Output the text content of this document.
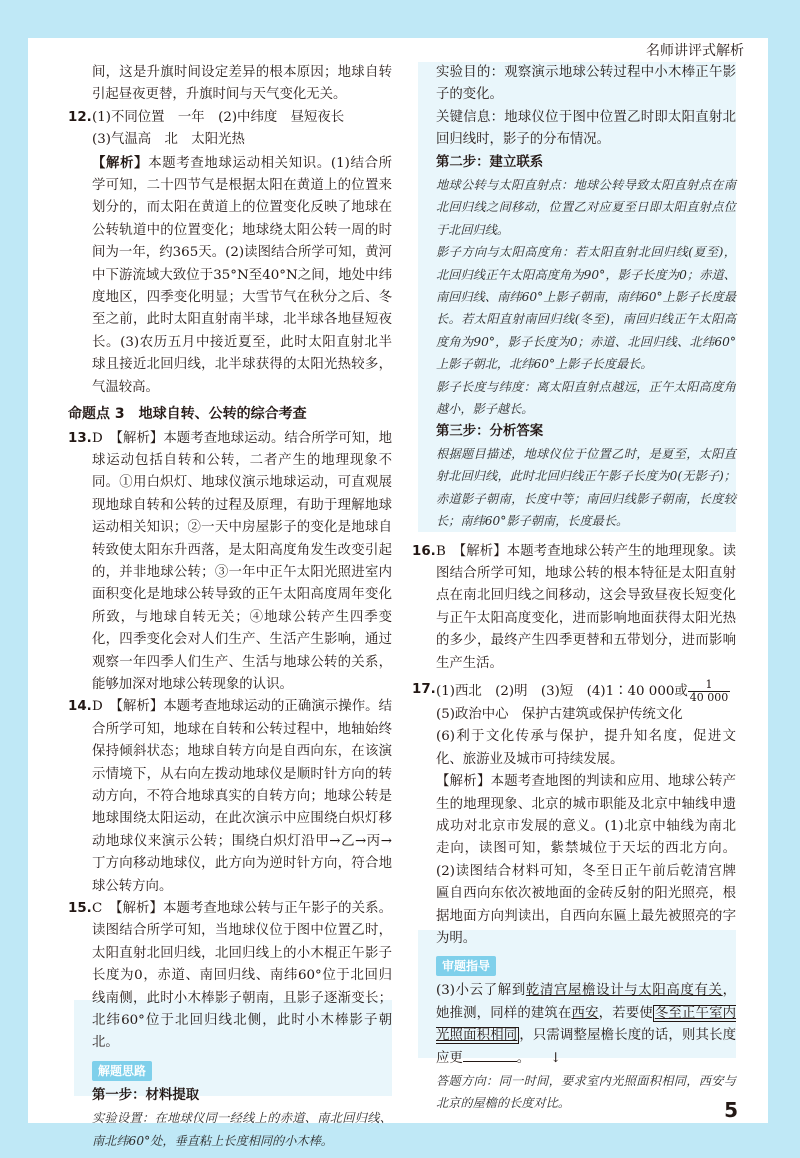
名师讲评式解析

间，这是升旗时间设定差异的根本原因；地球自转引起昼夜更替，升旗时间与天气变化无关。

12. (1)不同位置　一年　(2)中纬度　昼短夜长

(3)气温高　北　太阳光热

【解析】本题考查地球运动相关知识。(1)结合所学可知，二十四节气是根据太阳在黄道上的位置来划分的，而太阳在黄道上的位置变化反映了地球在公转轨道中的位置变化；地球绕太阳公转一周的时间为一年，约365天。(2)读图结合所学可知，黄河中下游流域大致位于35°N至40°N之间，地处中纬度地区，四季变化明显；大雪节气在秋分之后、冬至之前，此时太阳直射南半球，北半球各地昼短夜长。(3)农历五月中接近夏至，此时太阳直射北半球且接近北回归线，北半球获得的太阳光热较多，气温较高。

命题点 3　地球自转、公转的综合考查
13. D　【解析】本题考查地球运动。结合所学可知，地球运动包括自转和公转，二者产生的地理现象不同。①用白炽灯、地球仪演示地球运动，可直观展现地球自转和公转的过程及原理，有助于理解地球运动相关知识；②一天中房屋影子的变化是地球自转致使太阳东升西落，是太阳高度角发生改变引起的，并非地球公转；③一年中正午太阳光照进室内面积变化是地球公转导致的正午太阳高度周年变化所致，与地球自转无关；④地球公转产生四季变化，四季变化会对人们生产、生活产生影响，通过观察一年四季人们生产、生活与地球公转的关系，能够加深对地球公转现象的认识。

14. D　【解析】本题考查地球运动的正确演示操作。结合所学可知，地球在自转和公转过程中，地轴始终保持倾斜状态；地球自转方向是自西向东，在该演示情境下，从右向左拨动地球仪是顺时针方向的转动方向，不符合地球真实的自转方向；地球公转是地球围绕太阳运动，在此次演示中应围绕白炽灯移动地球仪来演示公转；围绕白炽灯沿甲→乙→丙→丁方向移动地球仪，此方向为逆时针方向，符合地球公转方向。

15. C　【解析】本题考查地球公转与正午影子的关系。读图结合所学可知，当地球仪位于图中位置乙时，太阳直射北回归线，北回归线上的小木棍正午影子长度为0，赤道、南回归线、南纬60°位于北回归线南侧，此时小木棒影子朝南，且影子逐渐变长；北纬60°位于北回归线北侧，此时小木棒影子朝北。

解题思路

第一步：材料提取

实验设置：在地球仪同一经线上的赤道、南北回归线、南北纬60°处，垂直粘上长度相同的小木棒。

实验目的：观察演示地球公转过程中小木棒正午影子的变化。

关键信息：地球仪位于图中位置乙时即太阳直射北回归线时，影子的分布情况。

第二步：建立联系

地球公转与太阳直射点：地球公转导致太阳直射点在南北回归线之间移动，位置乙对应夏至日即太阳直射点位于北回归线。

影子方向与太阳高度角：若太阳直射北回归线(夏至)，北回归线正午太阳高度角为90°，影子长度为0；赤道、南回归线、南纬60°上影子朝南，南纬60°上影子长度最长。若太阳直射南回归线(冬至)，南回归线正午太阳高度角为90°，影子长度为0；赤道、北回归线、北纬60°上影子朝北，北纬60°上影子长度最长。

影子长度与纬度：离太阳直射点越远，正午太阳高度角越小，影子越长。

第三步：分析答案

根据题目描述，地球仪位于位置乙时，是夏至，太阳直射北回归线，此时北回归线正午影子长度为0(无影子)；赤道影子朝南，长度中等；南回归线影子朝南，长度较长；南纬60°影子朝南，长度最长。

16. B　【解析】本题考查地球公转产生的地理现象。读图结合所学可知，地球公转的根本特征是太阳直射点在南北回归线之间移动，这会导致昼夜长短变化与正午太阳高度变化，进而影响地面获得太阳光热的多少，最终产生四季更替和五带划分，进而影响生产生活。

17. (1)西北　(2)明　(3)短　(4)1∶40 000或 $\frac{1}{40 000}$

(5)政治中心　保护古建筑或保护传统文化

(6)利于文化传承与保护，提升知名度，促进文化、旅游业及城市可持续发展。

【解析】本题考查地图的判读和应用、地球公转产生的地理现象、北京的城市职能及北京中轴线申遗成功对北京市发展的意义。(1)北京中轴线为南北走向，读图可知，紫禁城位于天坛的西北方向。(2)读图结合材料可知，冬至日正午前后乾清宫牌匾自西向东依次被地面的金砖反射的阳光照亮，根据地面方向判读出，自西向东匾上最先被照亮的字为明。

审题指导

(3)小云了解到乾清宫屋檐设计与太阳高度有关，她推测，同样的建筑在西安，若要使 冬至正午室内光照面积相同 ，只需调整屋檐长度的话，则其长度应更	。 ↓

答题方向：同一时间，要求室内光照面积相同，西安与北京的屋檐的长度对比。	5
